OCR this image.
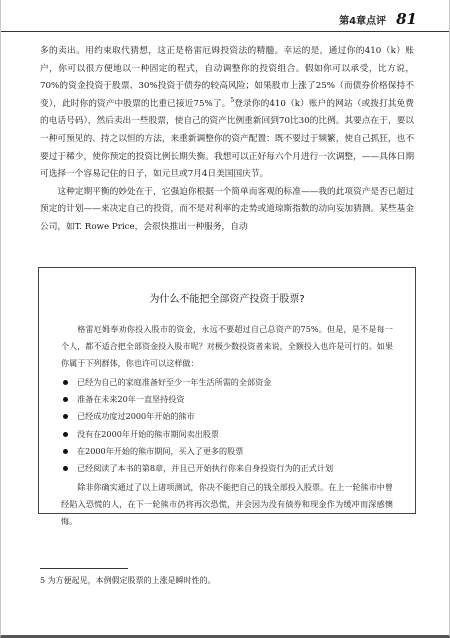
第4章点评 81

多的卖出。用约束取代猜想，这正是格雷厄姆投资法的精髓。幸运的是，通过你的410（k）账户，你可以很方便地以一种固定的程式，自动调整你的投资组合。假如你可以承受，比方说，70%的资金投资于股票、30%投资于债券的较高风险；如果股市上涨了25%（而债券价格保持不变），此时你的资产中股票的比重已接近75%了。$^5$登录你的410（k）账户的网站（或拨打其免费的电话号码），然后卖出一些股票，使自己的资产比例重新回到70比30的比例。其要点在于，要以一种可预见的、持之以恒的方法，来重新调整你的资产配置：既不要过于频繁，使自己抓狂，也不要过于稀少，使你预定的投资比例长期失衡。我想可以正好每六个月进行一次调整，——具体日期可选择一个容易记住的日子，如元旦或7月4日美国国庆节。

这种定期平衡的妙处在于，它强迫你根据一个简单而客观的标准——我的此项资产是否已超过预定的计划——来决定自己的投资，而不是对利率的走势或道琼斯指数的动向妄加猜测。某些基金公司，如T. Rowe Price，会很快推出一种服务，自动

为什么不能把全部资产投资于股票?

格雷厄姆奉劝你投入股市的资金，永远不要超过自己总资产的75%。但是，是不是每一个人，都不适合把全部资金投入股市呢？对极少数投资者来说，全额投入也许是可行的。如果你属于下列群体，你也许可以这样做：

已经为自己的家庭准备好至少一年生活所需的全部资金
准备在未来20年一直坚持投资
已经成功度过2000年开始的熊市
没有在2000年开始的熊市期间卖出股票
在2000年开始的熊市期间，买入了更多的股票
已经阅读了本书的第8章，并且已开始执行你来自身投资行为的正式计划

除非你确实通过了以上诸项测试，你决不能把自己的钱全部投入股票。在上一轮熊市中曾经陷入恐慌的人，在下一轮熊市仍将再次恐慌，并会因为没有债券和现金作为缓冲而深感懊悔。

5 为方便起见，本例假定股票的上涨是瞬时性的。
